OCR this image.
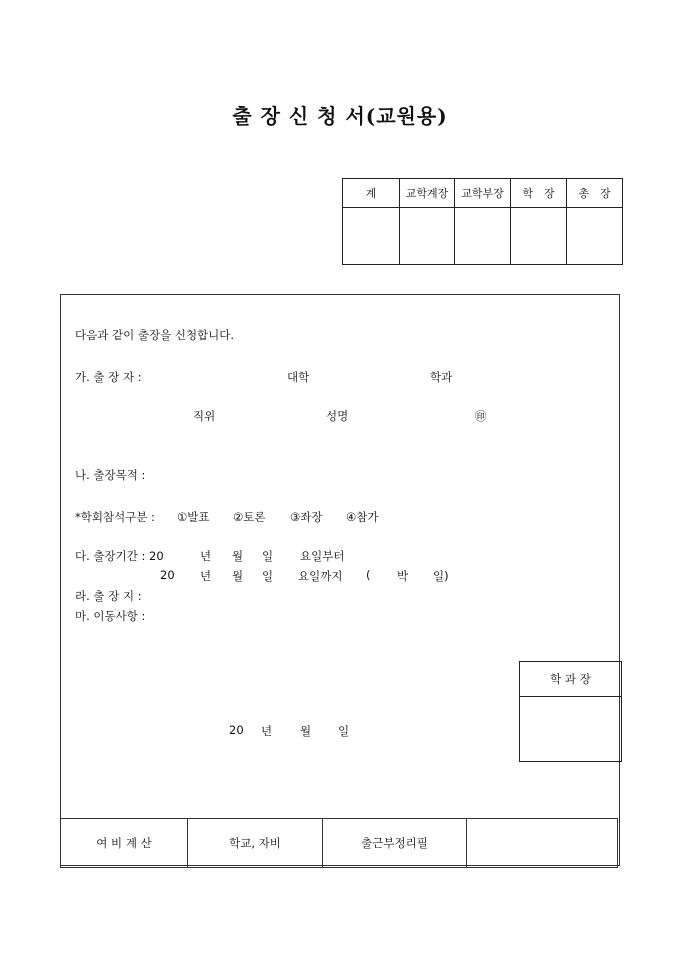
출 장 신 청 서(교원용)
계	교학계장	교학부장	학　장	총　장

다음과 같이 출장을 신청합니다.
가. 출 장 자 :	대학	학과
직위	성명	㊞
나. 출장목적 :
*학회참석구분 : ①발표 ②토론 ③좌장 ④참가
다. 출장기간 : 20	년 월 일 요일부터
20 년 월 일 요일까지 ( 박 일)
라. 출 장 지 :
마. 이동사항 :
20 년 월 일
학 과 장

여 비 계 산	학교, 자비	출근부정리필	
